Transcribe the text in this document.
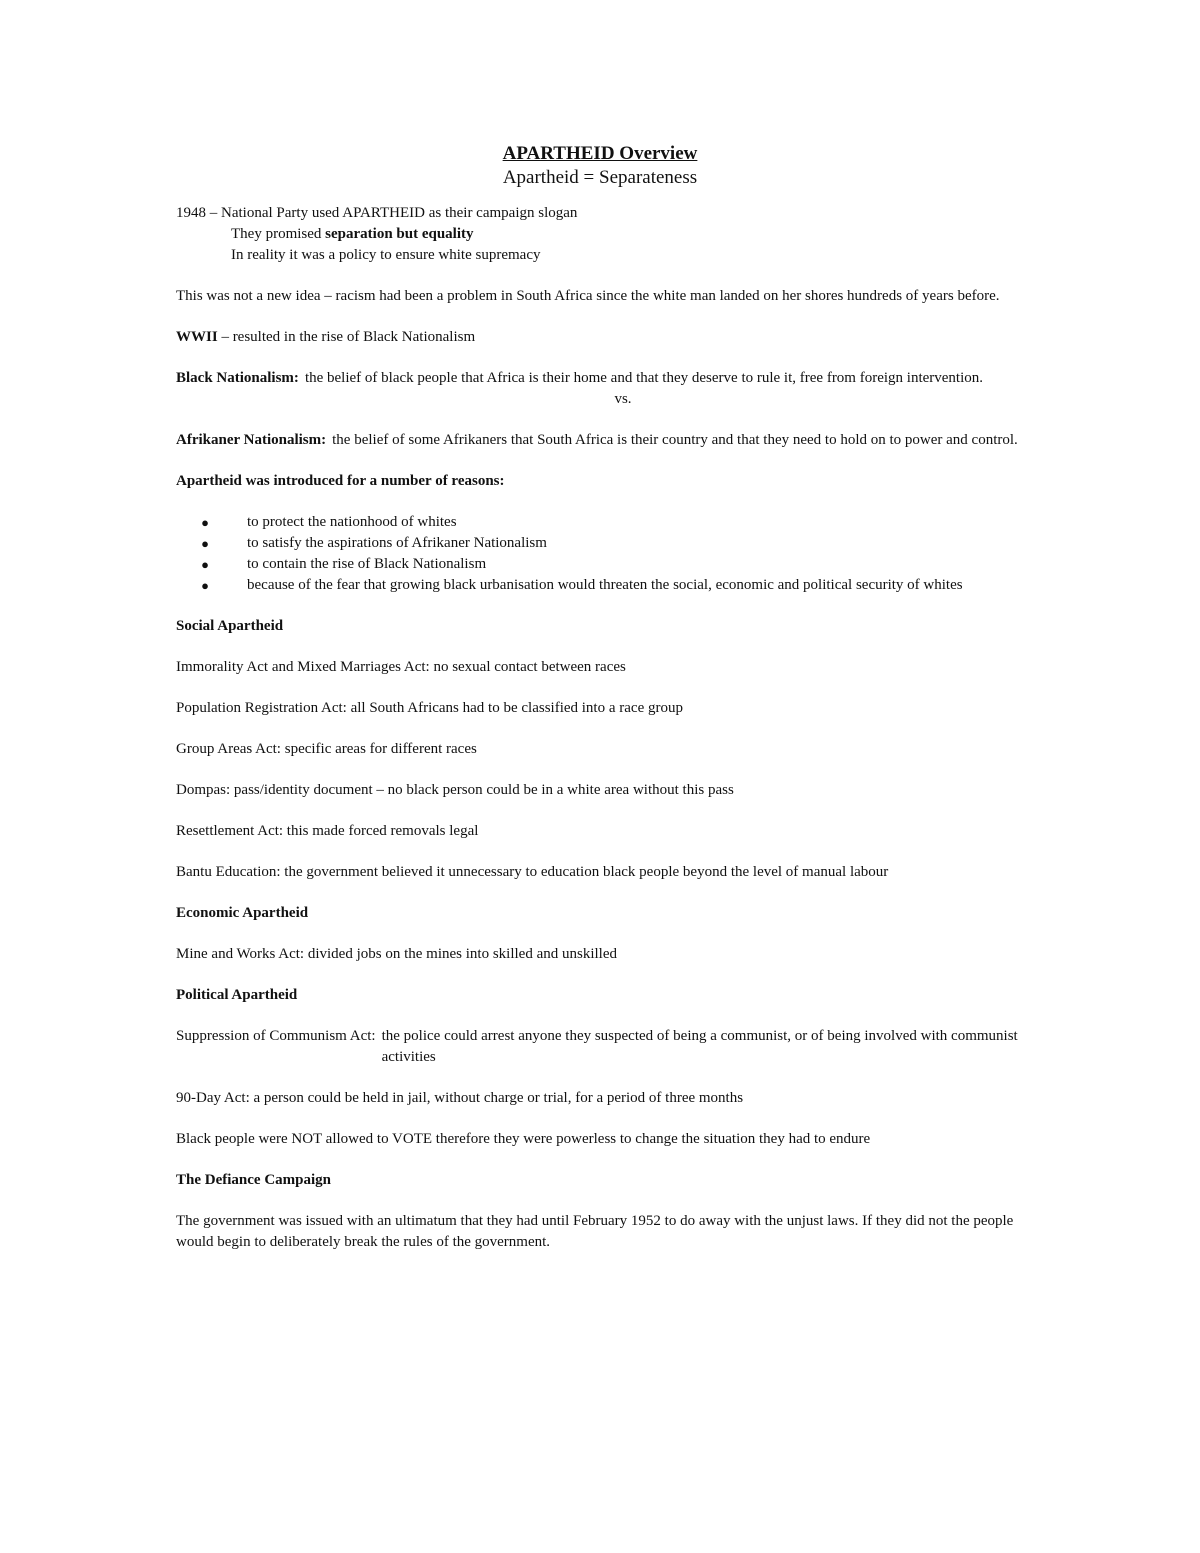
APARTHEID Overview
Apartheid = Separateness
1948 – National Party used APARTHEID as their campaign slogan
They promised separation but equality
In reality it was a policy to ensure white supremacy
This was not a new idea – racism had been a problem in South Africa since the white man landed on her shores hundreds of years before.
WWII – resulted in the rise of Black Nationalism
Black Nationalism: the belief of black people that Africa is their home and that they deserve to rule it, free from foreign intervention.
vs.
Afrikaner Nationalism: the belief of some Afrikaners that South Africa is their country and that they need to hold on to power and control.
Apartheid was introduced for a number of reasons:
●	to protect the nationhood of whites
●	to satisfy the aspirations of Afrikaner Nationalism
●	to contain the rise of Black Nationalism
●	because of the fear that growing black urbanisation would threaten the social, economic and political security of whites
Social Apartheid
Immorality Act and Mixed Marriages Act: no sexual contact between races
Population Registration Act: all South Africans had to be classified into a race group
Group Areas Act: specific areas for different races
Dompas: pass/identity document – no black person could be in a white area without this pass
Resettlement Act: this made forced removals legal
Bantu Education: the government believed it unnecessary to education black people beyond the level of manual labour
Economic Apartheid
Mine and Works Act: divided jobs on the mines into skilled and unskilled
Political Apartheid
Suppression of Communism Act: the police could arrest anyone they suspected of being a communist, or of being involved with communist activities
90-Day Act: a person could be held in jail, without charge or trial, for a period of three months
Black people were NOT allowed to VOTE therefore they were powerless to change the situation they had to endure
The Defiance Campaign
The government was issued with an ultimatum that they had until February 1952 to do away with the unjust laws. If they did not the people would begin to deliberately break the rules of the government.
